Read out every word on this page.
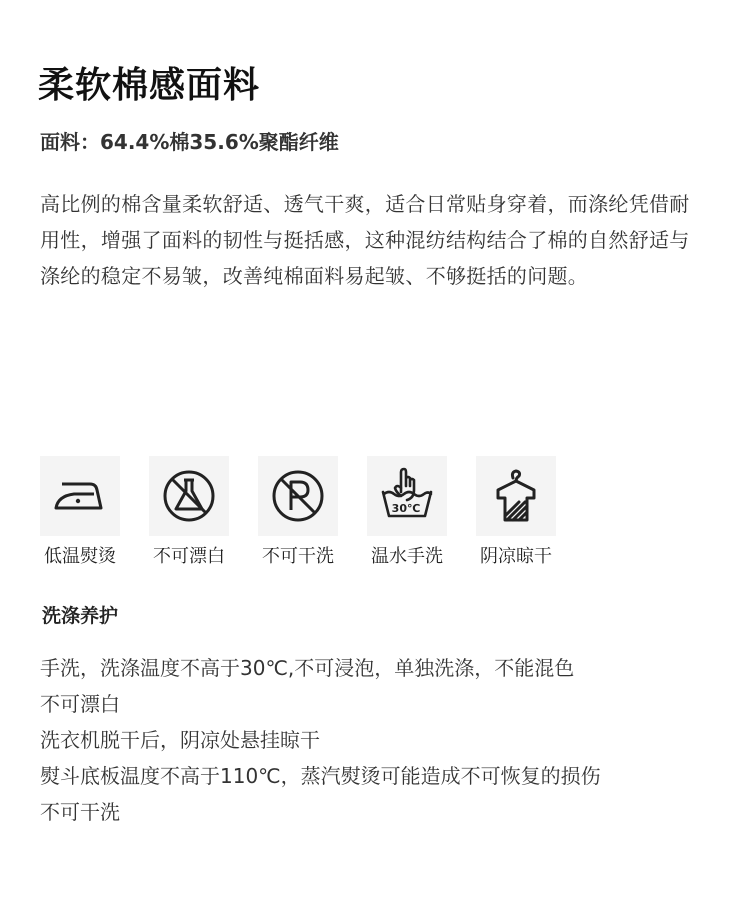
柔软棉感面料

面料：64.4%棉35.6%聚酯纤维

高比例的棉含量柔软舒适、透气干爽，适合日常贴身穿着，而涤纶凭借耐用性，增强了面料的韧性与挺括感，这种混纺结构结合了棉的自然舒适与涤纶的稳定不易皱，改善纯棉面料易起皱、不够挺括的问题。

低温熨烫 不可漂白 不可干洗
30℃
温水手洗 阴凉晾干
洗涤养护
手洗，洗涤温度不高于30℃,不可浸泡，单独洗涤，不能混色
不可漂白
洗衣机脱干后，阴凉处悬挂晾干
熨斗底板温度不高于110℃，蒸汽熨烫可能造成不可恢复的损伤
不可干洗
